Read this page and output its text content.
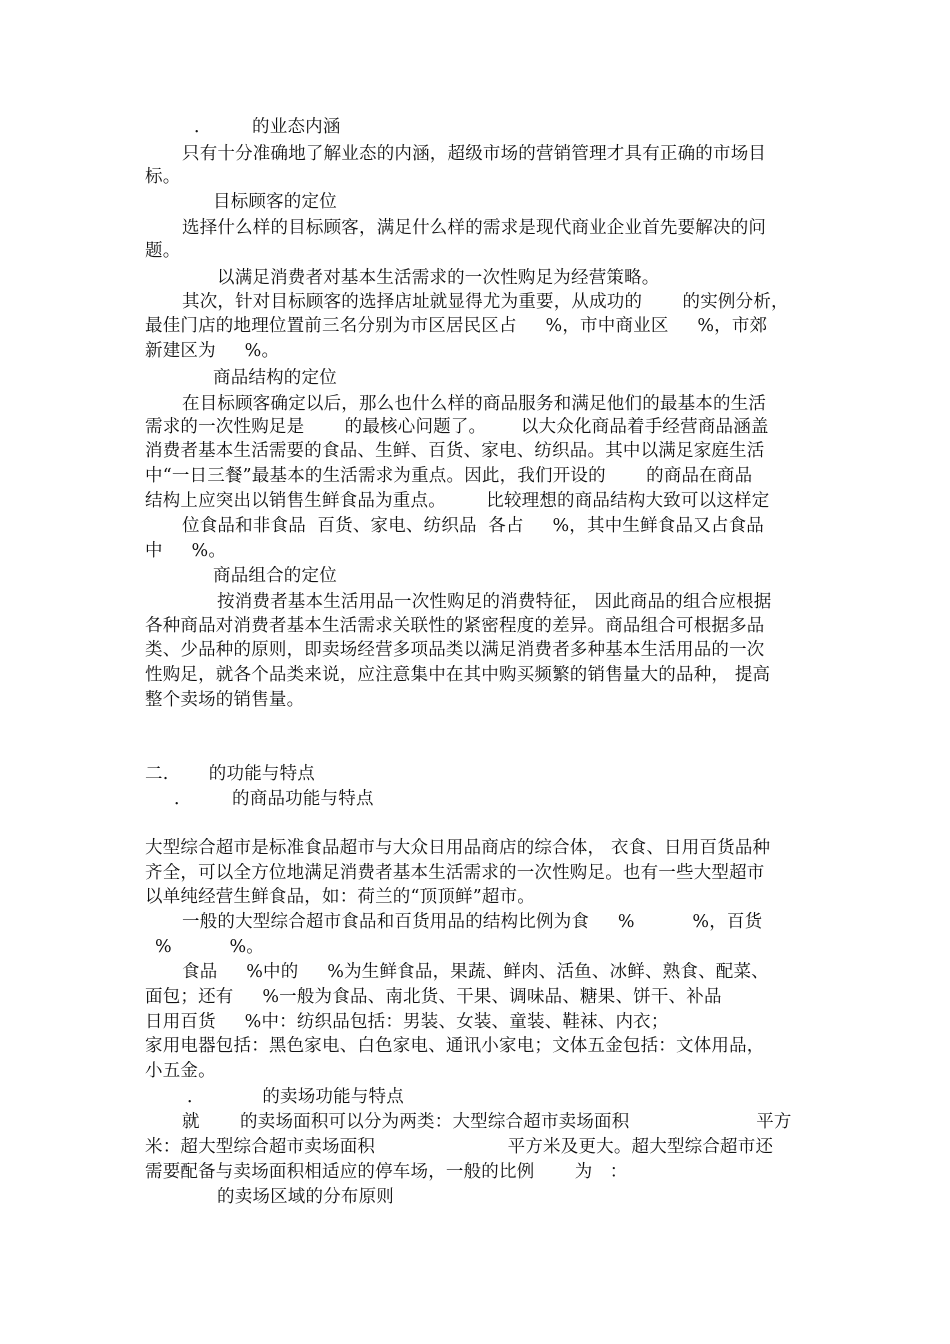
．       的业态内涵
只有十分准确地了解业态的内涵，超级市场的营销管理才具有正确的市场目
标。
目标顾客的定位
选择什么样的目标顾客，满足什么样的需求是现代商业企业首先要解决的问
题。
以满足消费者对基本生活需求的一次性购足为经营策略。
其次，针对目标顾客的选择店址就显得尤为重要，从成功的       的实例分析，
最佳门店的地理位置前三名分别为市区居民区占     %，市中商业区     %，市郊
新建区为     %。
商品结构的定位
在目标顾客确定以后，那么也什么样的商品服务和满足他们的最基本的生活
需求的一次性购足是       的最核心问题了。      以大众化商品着手经营商品涵盖
消费者基本生活需要的食品、生鲜、百货、家电、纺织品。其中以满足家庭生活
中“一日三餐”最基本的生活需求为重点。因此，我们开设的       的商品在商品
结构上应突出以销售生鲜食品为重点。       比较理想的商品结构大致可以这样定
位食品和非食品  百货、家电、纺织品  各占     %，其中生鲜食品又占食品
中     %。
商品组合的定位
按消费者基本生活用品一次性购足的消费特征， 因此商品的组合应根据
各种商品对消费者基本生活需求关联性的紧密程度的差异。商品组合可根据多品
类、少品种的原则，即卖场经营多项品类以满足消费者多种基本生活用品的一次
性购足，就各个品类来说，应注意集中在其中购买频繁的销售量大的品种， 提高
整个卖场的销售量。
二.       的功能与特点
．       的商品功能与特点
大型综合超市是标准食品超市与大众日用品商店的综合体， 衣食、日用百货品种
齐全，可以全方位地满足消费者基本生活需求的一次性购足。也有一些大型超市
以单纯经营生鲜食品，如：荷兰的“顶顶鲜”超市。
一般的大型综合超市食品和百货用品的结构比例为食     %          %，百货
%          %。
食品     %中的     %为生鲜食品，果蔬、鲜肉、活鱼、冰鲜、熟食、配菜、
面包；还有     %一般为食品、南北货、干果、调味品、糖果、饼干、补品
日用百货     %中：纺织品包括：男装、女装、童装、鞋袜、内衣；
家用电器包括：黑色家电、白色家电、通讯小家电；文体五金包括：文体用品，
小五金。
．          的卖场功能与特点
就       的卖场面积可以分为两类：大型综合超市卖场面积                      平方
米：超大型综合超市卖场面积                       平方米及更大。超大型综合超市还
需要配备与卖场面积相适应的停车场，一般的比例       为   ：
的卖场区域的分布原则
